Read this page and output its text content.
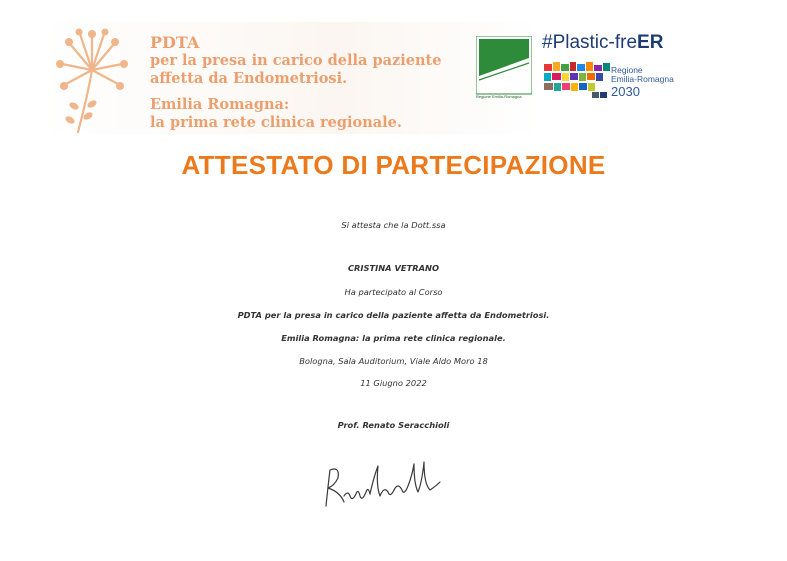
PDTA
per la presa in carico della paziente
affetta da Endometriosi.
Emilia Romagna:
la prima rete clinica regionale.
Regione Emilia-Romagna
#Plastic-freER
Regione
Emilia-Romagna
2030
ATTESTATO DI PARTECIPAZIONE
Si attesta che la Dott.ssa
CRISTINA VETRANO
Ha partecipato al Corso
PDTA per la presa in carico della paziente affetta da Endometriosi.
Emilia Romagna: la prima rete clinica regionale.
Bologna, Sala Auditorium, Viale Aldo Moro 18
11 Giugno 2022
Prof. Renato Seracchioli
